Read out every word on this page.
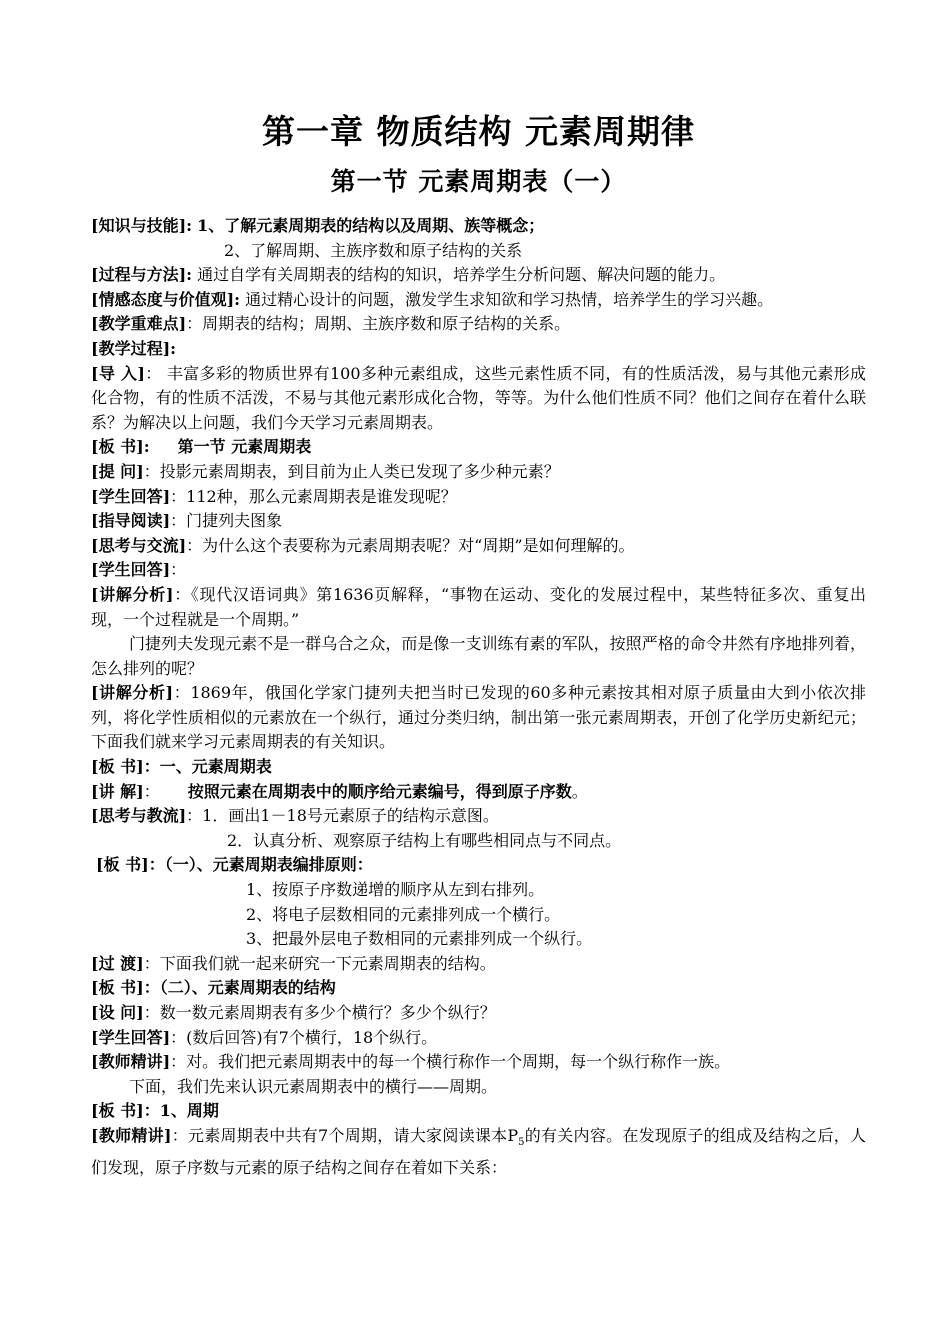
第一章 物质结构 元素周期律
第一节 元素周期表（一）

[知识与技能]: 1、了解元素周期表的结构以及周期、族等概念；

2、了解周期、主族序数和原子结构的关系

[过程与方法]: 通过自学有关周期表的结构的知识，培养学生分析问题、解决问题的能力。

[情感态度与价值观]: 通过精心设计的问题，激发学生求知欲和学习热情，培养学生的学习兴趣。

[教学重难点]：周期表的结构；周期、主族序数和原子结构的关系。

[教学过程]:

[导 入]： 丰富多彩的物质世界有100多种元素组成，这些元素性质不同，有的性质活泼，易与其他元素形成化合物，有的性质不活泼，不易与其他元素形成化合物，等等。为什么他们性质不同？他们之间存在着什么联系？为解决以上问题，我们今天学习元素周期表。

[板 书]: 第一节 元素周期表

[提 问]：投影元素周期表，到目前为止人类已发现了多少种元素？

[学生回答]：112种，那么元素周期表是谁发现呢？

[指导阅读]：门捷列夫图象

[思考与交流]：为什么这个表要称为元素周期表呢？对“周期”是如何理解的。

[学生回答]：

[讲解分析]：《现代汉语词典》第1636页解释，“事物在运动、变化的发展过程中，某些特征多次、重复出现，一个过程就是一个周期。”

门捷列夫发现元素不是一群乌合之众，而是像一支训练有素的军队，按照严格的命令井然有序地排列着，怎么排列的呢？

[讲解分析]：1869年，俄国化学家门捷列夫把当时已发现的60多种元素按其相对原子质量由大到小依次排列，将化学性质相似的元素放在一个纵行，通过分类归纳，制出第一张元素周期表，开创了化学历史新纪元；下面我们就来学习元素周期表的有关知识。

[板 书]：一、元素周期表

[讲 解]： 按照元素在周期表中的顺序给元素编号，得到原子序数。

[思考与教流]：1．画出1－18号元素原子的结构示意图。

2．认真分析、观察原子结构上有哪些相同点与不同点。

[板 书]：（一）、元素周期表编排原则：

1、按原子序数递增的顺序从左到右排列。

2、将电子层数相同的元素排列成一个横行。

3、把最外层电子数相同的元素排列成一个纵行。

[过 渡]：下面我们就一起来研究一下元素周期表的结构。

[板 书]：（二）、元素周期表的结构

[设 问]：数一数元素周期表有多少个横行？多少个纵行？

[学生回答]：(数后回答)有7个横行，18个纵行。

[教师精讲]：对。我们把元素周期表中的每一个横行称作一个周期，每一个纵行称作一族。

下面，我们先来认识元素周期表中的横行——周期。

[板 书]：1、周期

[教师精讲]：元素周期表中共有7个周期，请大家阅读课本$P_5$的有关内容。在发现原子的组成及结构之后，人们发现，原子序数与元素的原子结构之间存在着如下关系：
